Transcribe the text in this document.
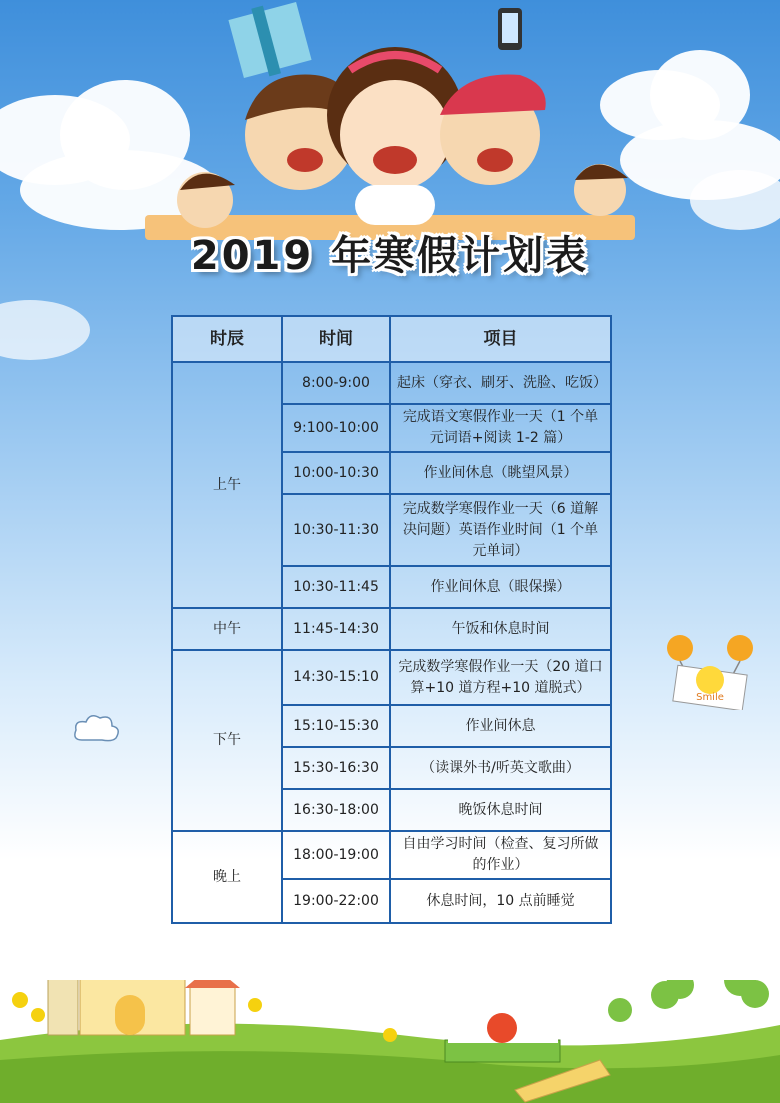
2019 年寒假计划表
时辰	时间	项目
上午	8:00-9:00	起床（穿衣、刷牙、洗脸、吃饭）
	9:100-10:00	完成语文寒假作业一天（1 个单元词语+阅读 1-2 篇）
	10:00-10:30	作业间休息（眺望风景）
	10:30-11:30	完成数学寒假作业一天（6 道解决问题）英语作业时间（1 个单元单词）
	10:30-11:45	作业间休息（眼保操）
中午	11:45-14:30	午饭和休息时间
下午	14:30-15:10	完成数学寒假作业一天（20 道口算+10 道方程+10 道脱式）
	15:10-15:30	作业间休息
	15:30-16:30	（读课外书/听英文歌曲）
	16:30-18:00	晚饭休息时间
晚上	18:00-19:00	自由学习时间（检查、复习所做的作业）
	19:00-22:00	休息时间，10 点前睡觉
Smile
